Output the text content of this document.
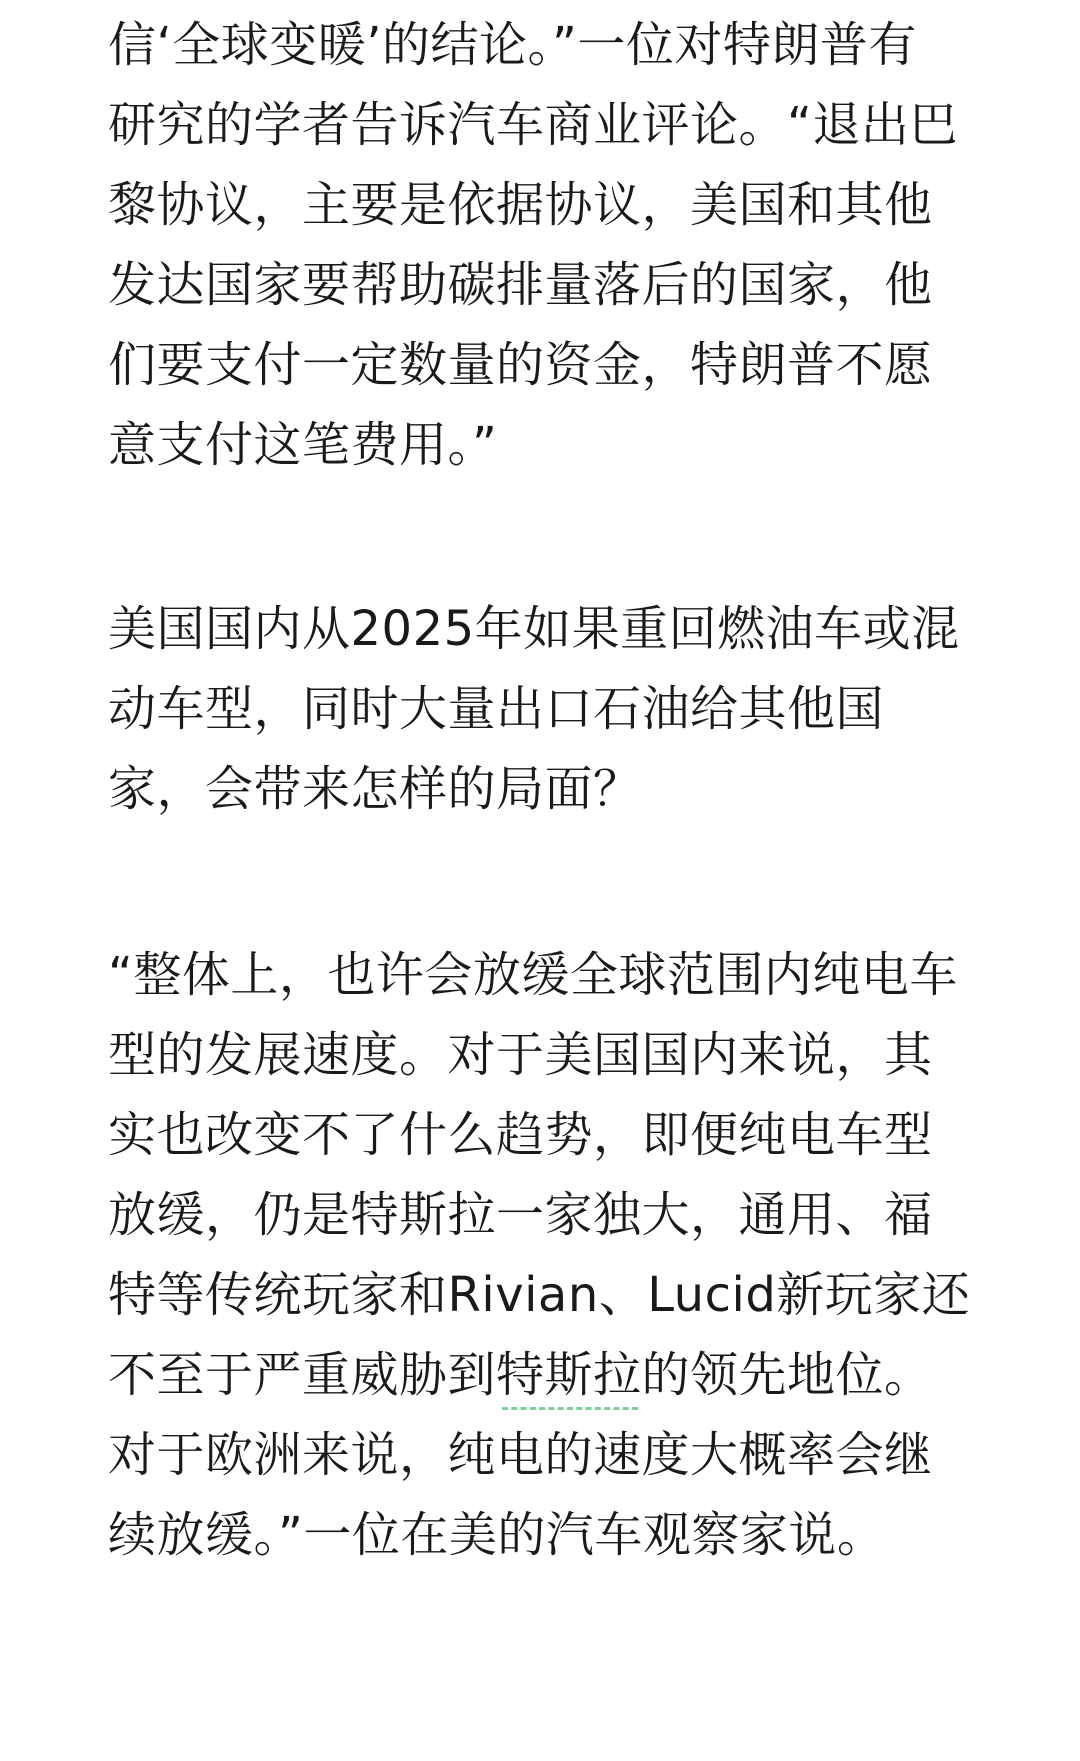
信‘全球变暖’的结论。”一位对特朗普有
研究的学者告诉汽车商业评论。“退出巴
黎协议，主要是依据协议，美国和其他
发达国家要帮助碳排量落后的国家，他
们要支付一定数量的资金，特朗普不愿
意支付这笔费用。”
美国国内从2025年如果重回燃油车或混
动车型，同时大量出口石油给其他国
家，会带来怎样的局面？
“整体上，也许会放缓全球范围内纯电车
型的发展速度。对于美国国内来说，其
实也改变不了什么趋势，即便纯电车型
放缓，仍是特斯拉一家独大，通用、福
特等传统玩家和Rivian、Lucid新玩家还
不至于严重威胁到特斯拉的领先地位。
对于欧洲来说，纯电的速度大概率会继
续放缓。”一位在美的汽车观察家说。
